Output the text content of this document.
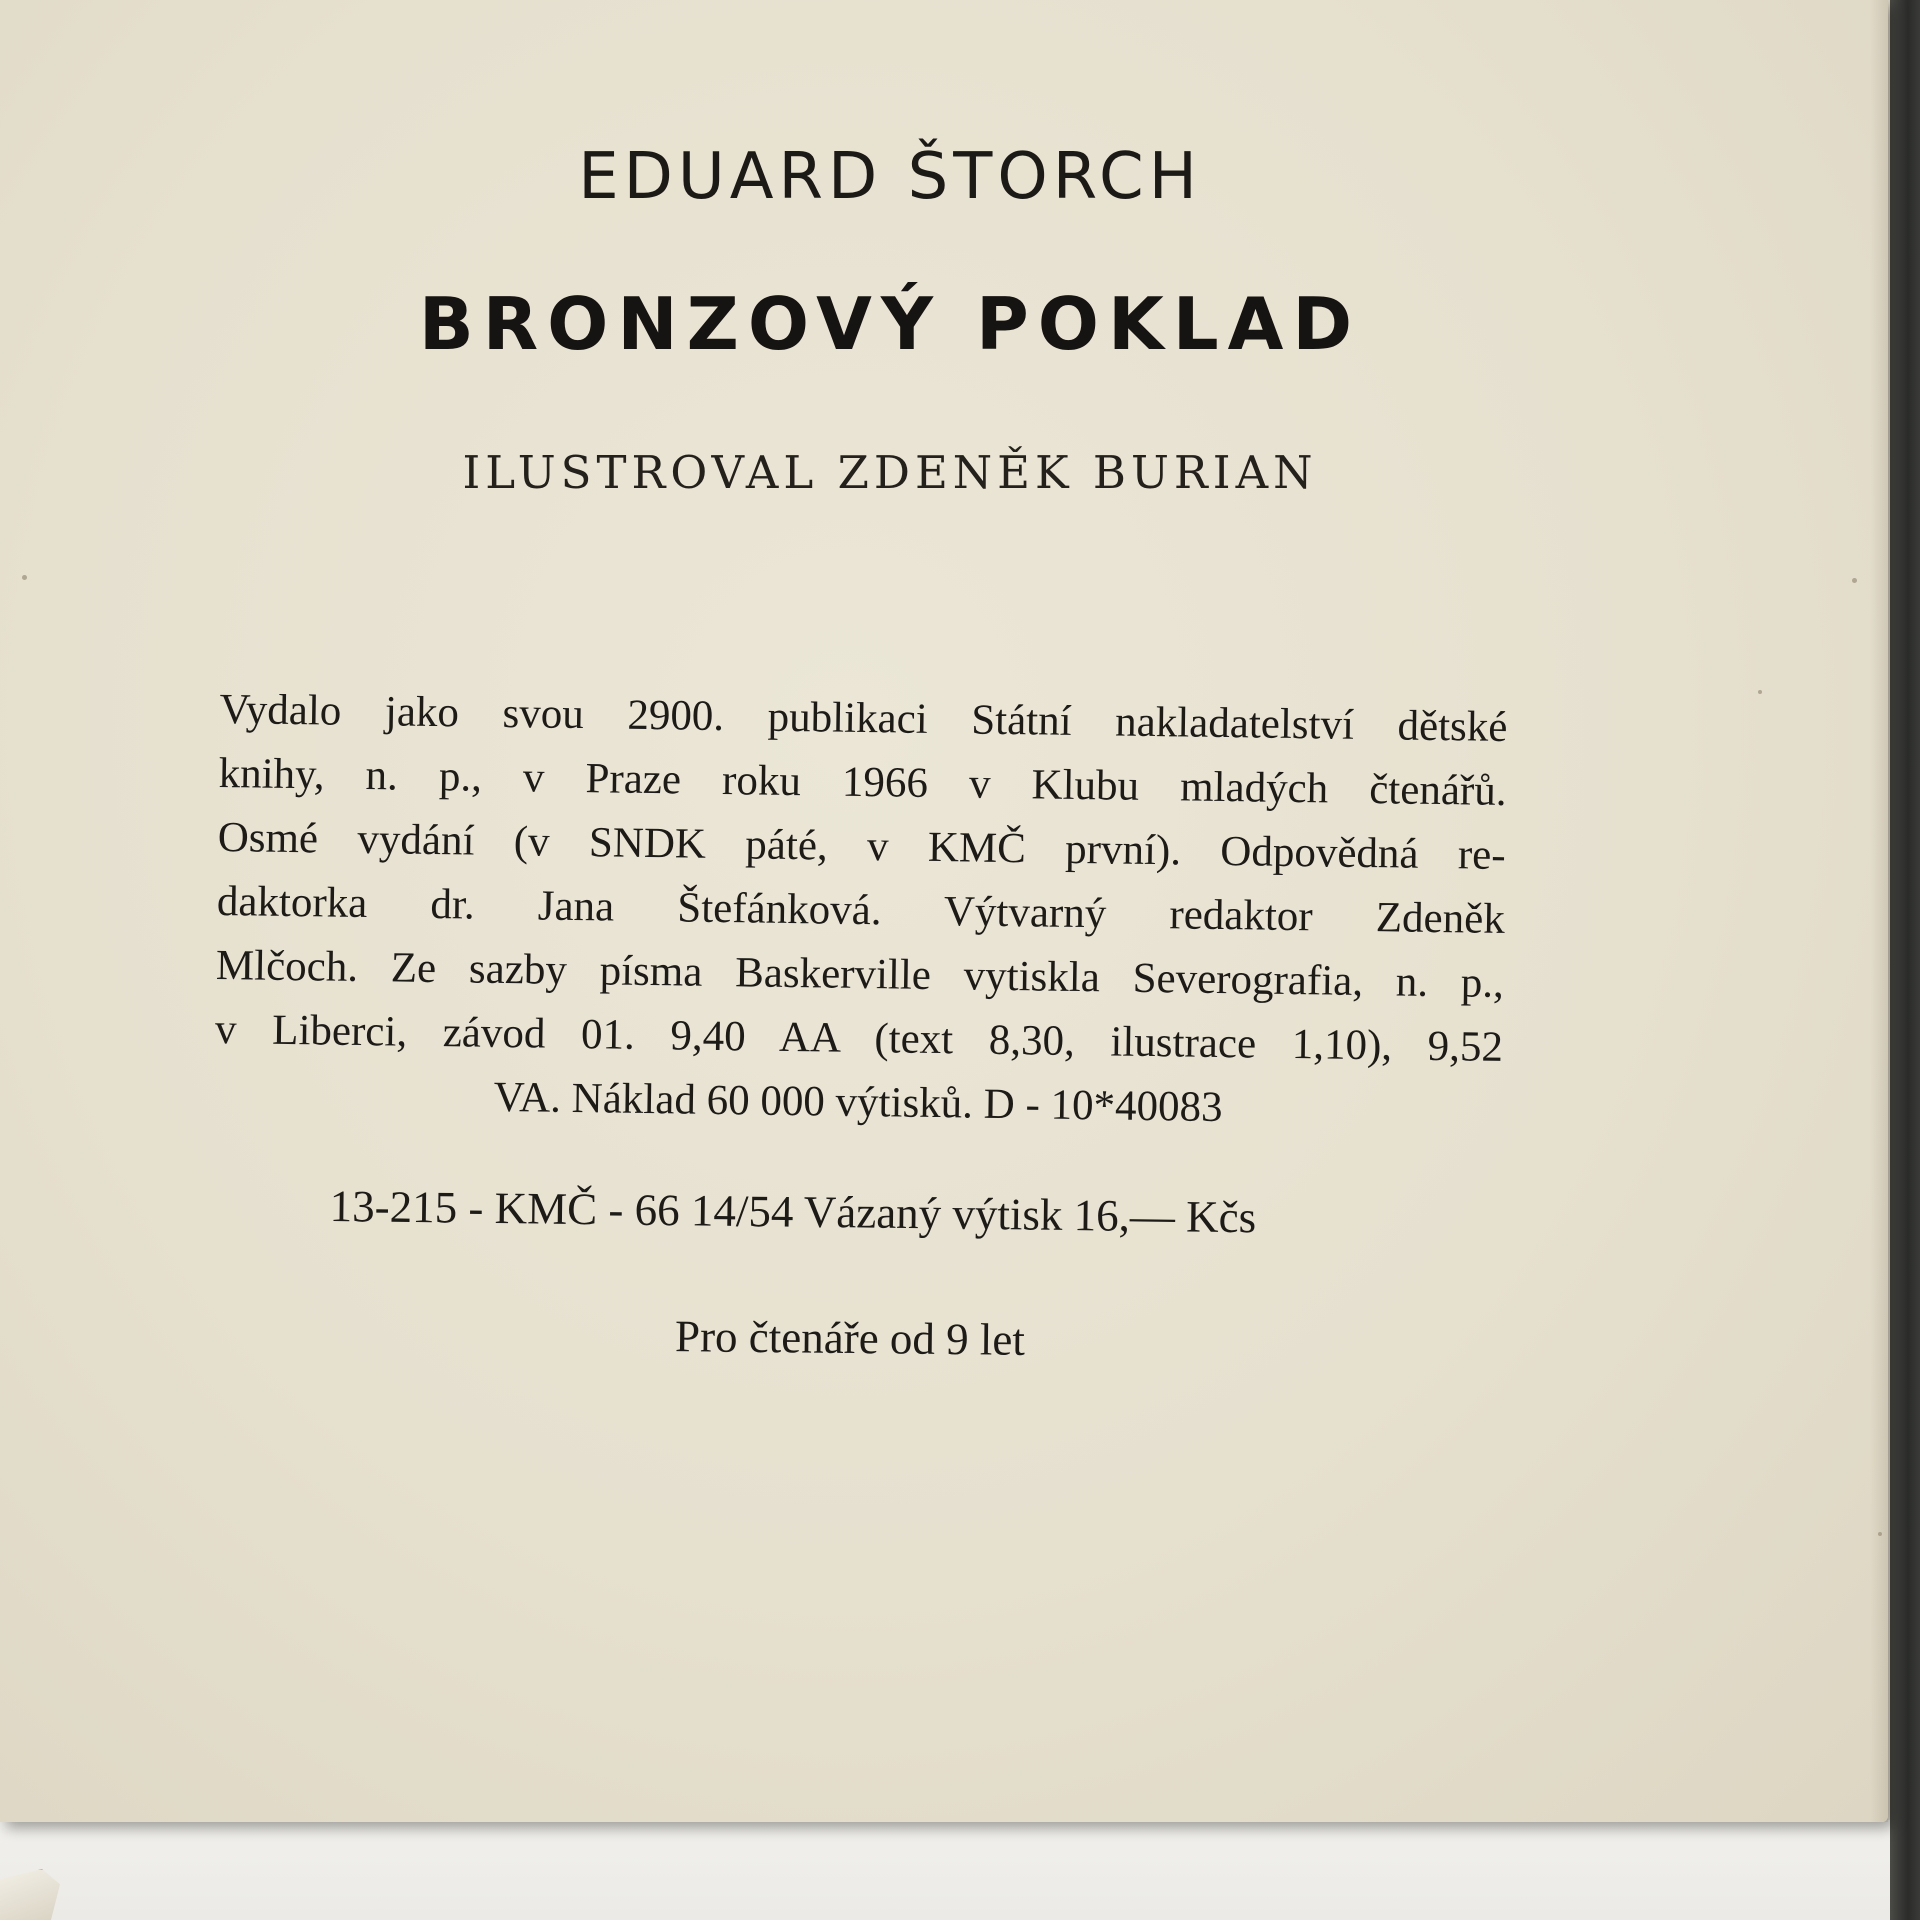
EDUARD ŠTORCH
BRONZOVÝ POKLAD
ILUSTROVAL ZDENĚK BURIAN
Vydalo jako svou 2900. publikaci Státní nakladatelství dětské
knihy, n. p., v Praze roku 1966 v Klubu mladých čtenářů.
Osmé vydání (v SNDK páté, v KMČ první). Odpovědná re-
daktorka dr. Jana Štefánková. Výtvarný redaktor Zdeněk
Mlčoch. Ze sazby písma Baskerville vytiskla Severografia, n. p.,
v Liberci, závod 01. 9,40 AA (text 8,30, ilustrace 1,10), 9,52
VA. Náklad 60 000 výtisků. D - 10*40083
13-215 - KMČ - 66 14/54 Vázaný výtisk 16,— Kčs
Pro čtenáře od 9 let
